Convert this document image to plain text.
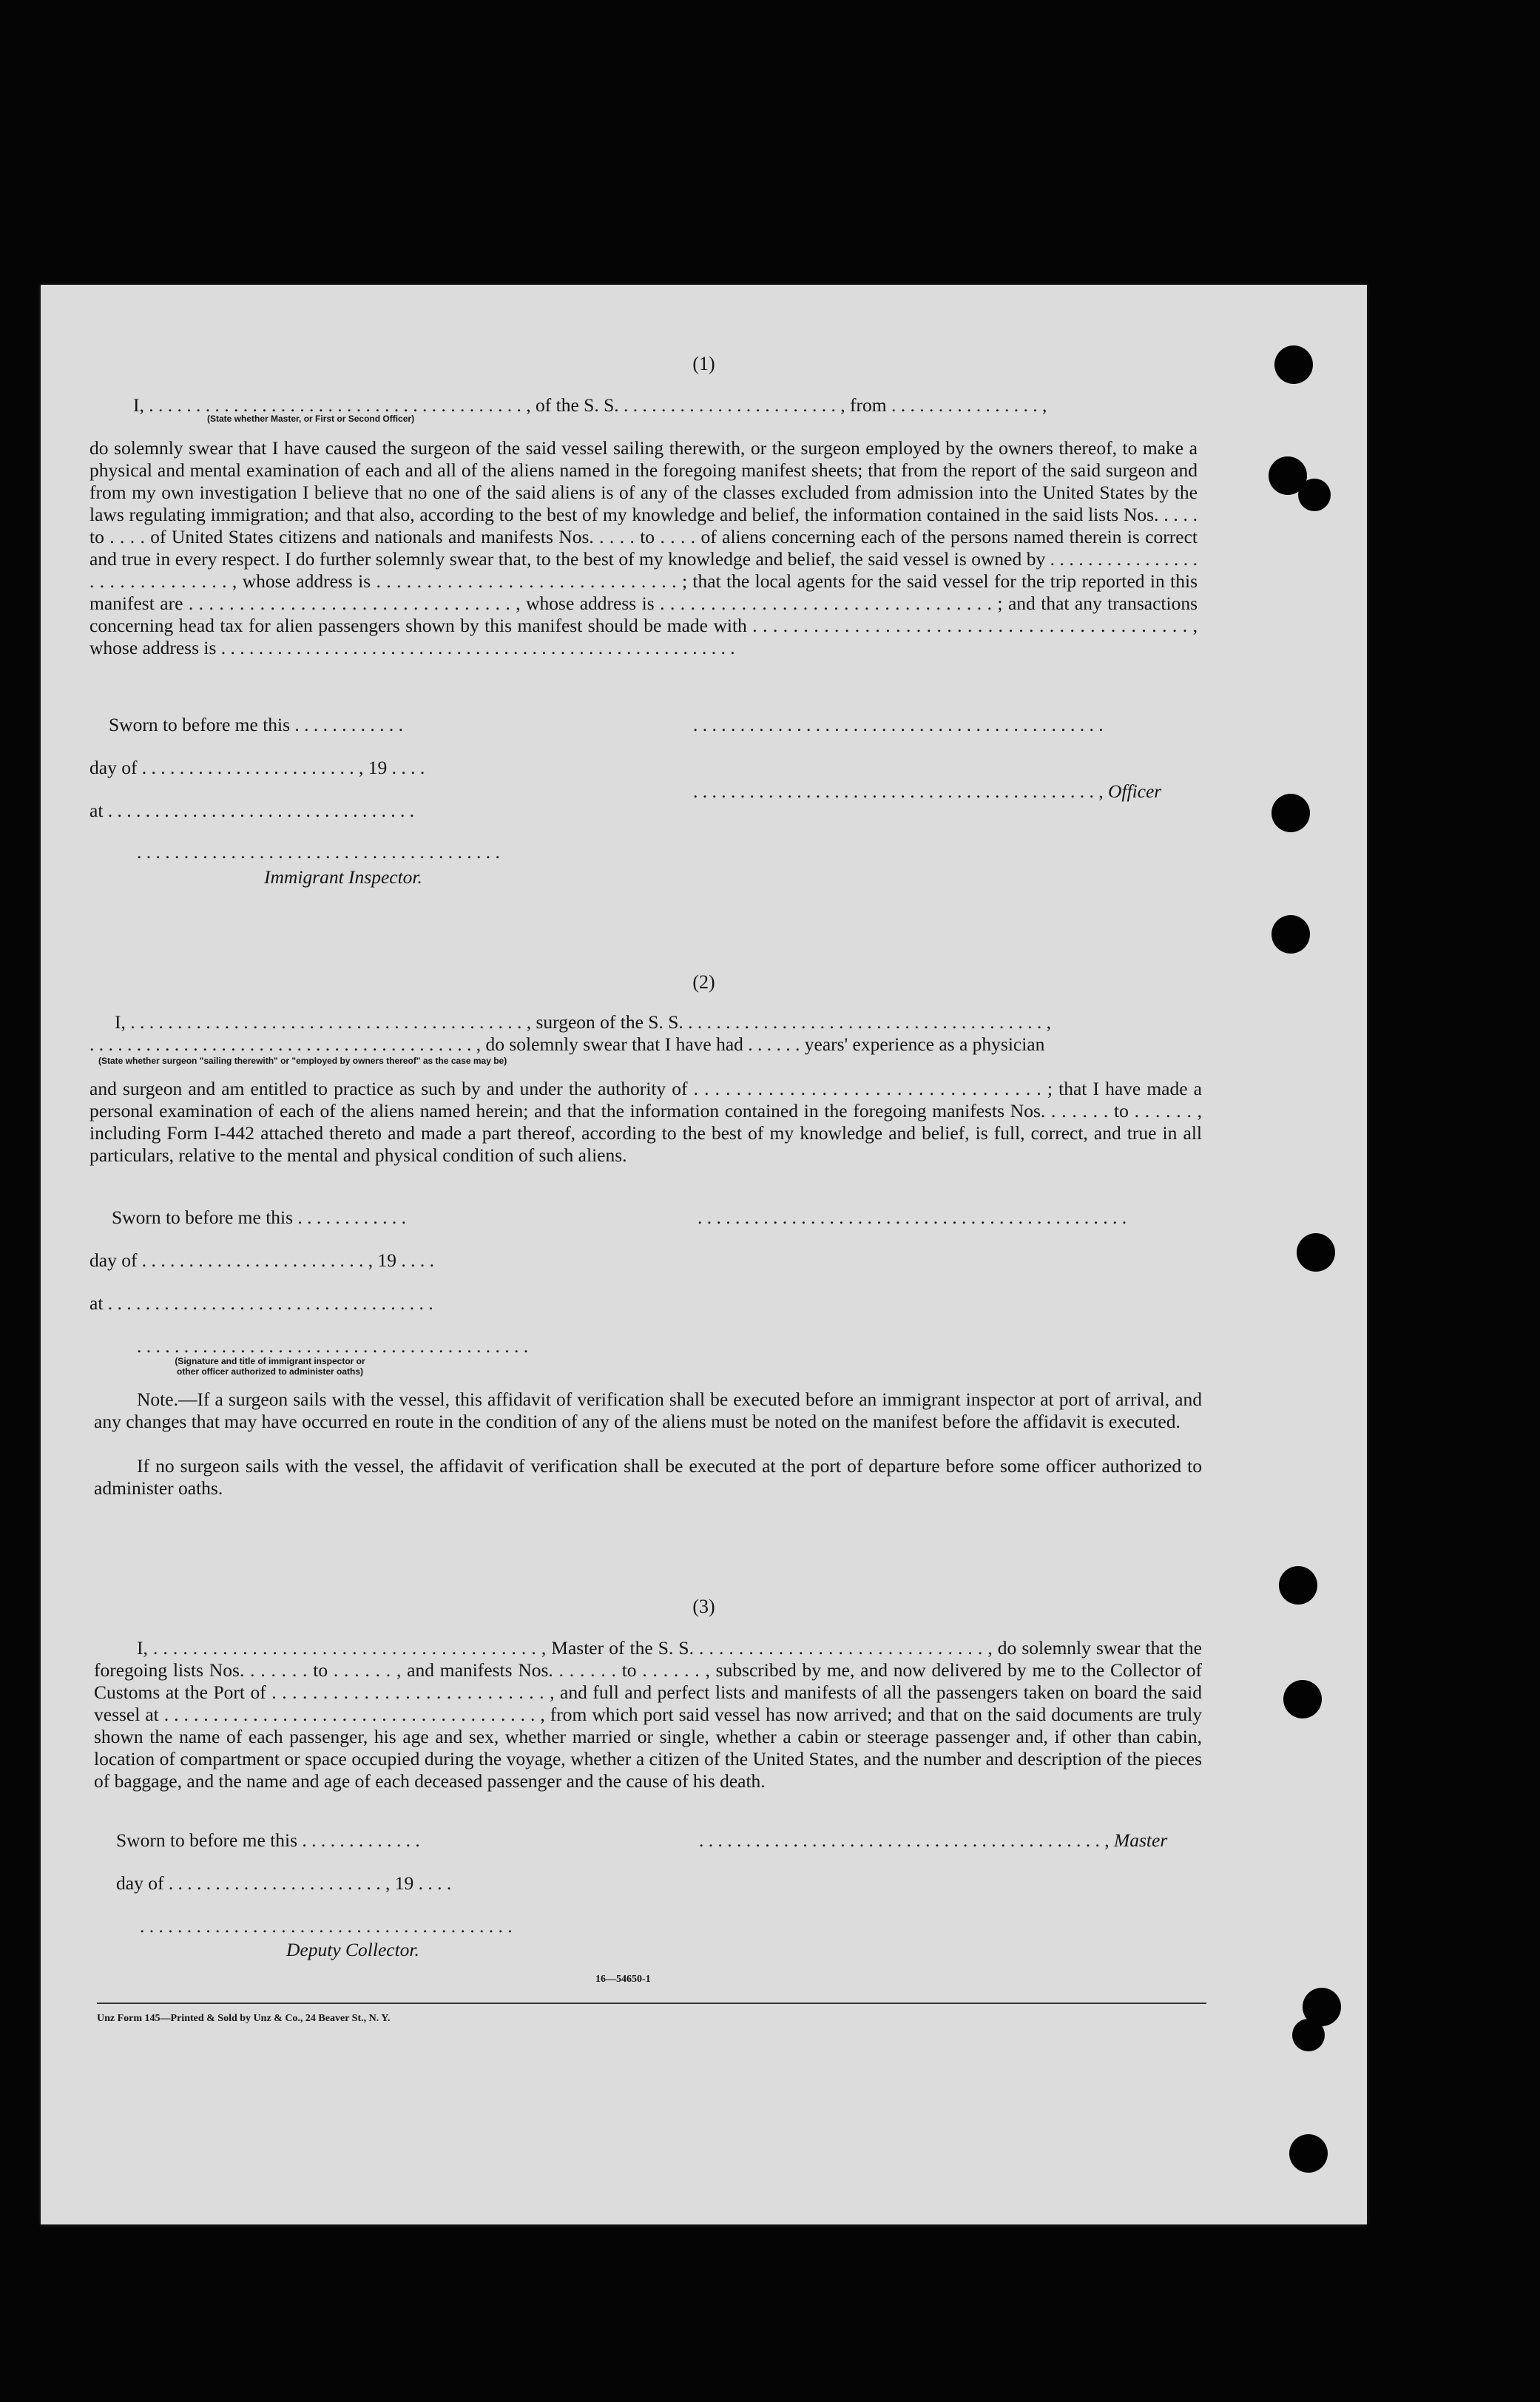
(1)
I, . . . . . . . . . . . . . . . . . . . . . . . . . . . . . . . . . . . . . . . . , of the S. S. . . . . . . . . . . . . . . . . . . . . . . . , from . . . . . . . . . . . . . . . . ,
(State whether Master, or First or Second Officer)
do solemnly swear that I have caused the surgeon of the said vessel sailing therewith, or the surgeon employed by the owners thereof, to make a physical and mental examination of each and all of the aliens named in the foregoing manifest sheets; that from the report of the said surgeon and from my own investigation I believe that no one of the said aliens is of any of the classes excluded from admission into the United States by the laws regulating immigration; and that also, according to the best of my knowledge and belief, the information contained in the said lists Nos. . . . . to . . . . of United States citizens and nationals and manifests Nos. . . . . to . . . . of aliens concerning each of the persons named therein is correct and true in every respect. I do further solemnly swear that, to the best of my knowledge and belief, the said vessel is owned by . . . . . . . . . . . . . . . . . . . . . . . . . . . . . . , whose address is . . . . . . . . . . . . . . . . . . . . . . . . . . . . . . ; that the local agents for the said vessel for the trip reported in this manifest are . . . . . . . . . . . . . . . . . . . . . . . . . . . . . . . . , whose address is . . . . . . . . . . . . . . . . . . . . . . . . . . . . . . . . . ; and that any transactions concerning head tax for alien passengers shown by this manifest should be made with . . . . . . . . . . . . . . . . . . . . . . . . . . . . . . . . . . . . . . . . . . . , whose address is . . . . . . . . . . . . . . . . . . . . . . . . . . . . . . . . . . . . . . . . . . . . . . . . . . . . . . .
Sworn to before me this . . . . . . . . . . . .	. . . . . . . . . . . . . . . . . . . . . . . . . . . . . . . . . . . . . . . . . . . .
day of . . . . . . . . . . . . . . . . . . . . . . . , 19 . . . .
. . . . . . . . . . . . . . . . . . . . . . . . . . . . . . . . . . . . . . . . . . . , Officer
at . . . . . . . . . . . . . . . . . . . . . . . . . . . . . . . . .
. . . . . . . . . . . . . . . . . . . . . . . . . . . . . . . . . . . . . . .
Immigrant Inspector.
(2)
I, . . . . . . . . . . . . . . . . . . . . . . . . . . . . . . . . . . . . . . . . . . , surgeon of the S. S. . . . . . . . . . . . . . . . . . . . . . . . . . . . . . . . . . . . . . . ,
. . . . . . . . . . . . . . . . . . . . . . . . . . . . . . . . . . . . . . . . . , do solemnly swear that I have had . . . . . . years' experience as a physician
(State whether surgeon "sailing therewith" or "employed by owners thereof" as the case may be)
and surgeon and am entitled to practice as such by and under the authority of . . . . . . . . . . . . . . . . . . . . . . . . . . . . . . . . . ; that I have made a personal examination of each of the aliens named herein; and that the information contained in the foregoing manifests Nos. . . . . . . to . . . . . . , including Form I-442 attached thereto and made a part thereof, according to the best of my knowledge and belief, is full, correct, and true in all particulars, relative to the mental and physical condition of such aliens.
Sworn to before me this . . . . . . . . . . . .	. . . . . . . . . . . . . . . . . . . . . . . . . . . . . . . . . . . . . . . . . . . . . .
day of . . . . . . . . . . . . . . . . . . . . . . . . , 19 . . . .
at . . . . . . . . . . . . . . . . . . . . . . . . . . . . . . . . . . .
. . . . . . . . . . . . . . . . . . . . . . . . . . . . . . . . . . . . . . . . . .
(Signature and title of immigrant inspector or
other officer authorized to administer oaths)
Note.—If a surgeon sails with the vessel, this affidavit of verification shall be executed before an immigrant inspector at port of arrival, and any changes that may have occurred en route in the condition of any of the aliens must be noted on the manifest before the affidavit is executed.
If no surgeon sails with the vessel, the affidavit of verification shall be executed at the port of departure before some officer authorized to administer oaths.
(3)
I, . . . . . . . . . . . . . . . . . . . . . . . . . . . . . . . . . . . . . . . , Master of the S. S. . . . . . . . . . . . . . . . . . . . . . . . . . . . . . , do solemnly swear that the foregoing lists Nos. . . . . . . to . . . . . . , and manifests Nos. . . . . . . to . . . . . . , subscribed by me, and now delivered by me to the Collector of Customs at the Port of . . . . . . . . . . . . . . . . . . . . . . . . . . . , and full and perfect lists and manifests of all the passengers taken on board the said vessel at . . . . . . . . . . . . . . . . . . . . . . . . . . . . . . . . . . . . . . , from which port said vessel has now arrived; and that on the said documents are truly shown the name of each passenger, his age and sex, whether married or single, whether a cabin or steerage passenger and, if other than cabin, location of compartment or space occupied during the voyage, whether a citizen of the United States, and the number and description of the pieces of baggage, and the name and age of each deceased passenger and the cause of his death.
Sworn to before me this . . . . . . . . . . . . .	. . . . . . . . . . . . . . . . . . . . . . . . . . . . . . . . . . . . . . . . . . . , Master
day of . . . . . . . . . . . . . . . . . . . . . . . , 19 . . . .
. . . . . . . . . . . . . . . . . . . . . . . . . . . . . . . . . . . . . . . .
Deputy Collector.
16—54650-1
Unz Form 145—Printed & Sold by Unz & Co., 24 Beaver St., N. Y.
